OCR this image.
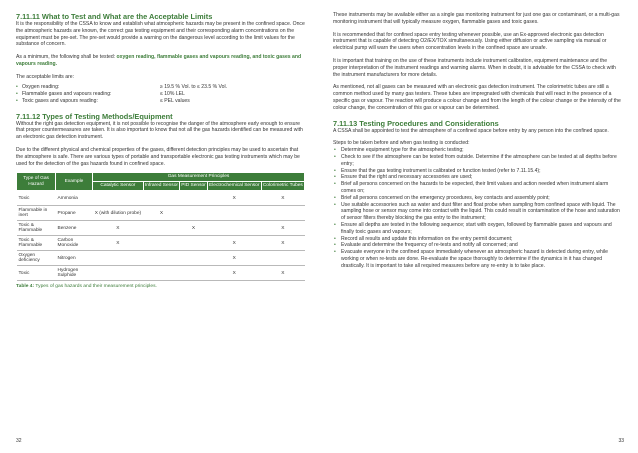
7.11.11 What to Test and What are the Acceptable Limits

It is the responsibility of the CSSA to know and establish what atmospheric hazards may be present in the confined space. Once the atmospheric hazards are known, the correct gas testing equipment and their corresponding alarm concentrations on the equipment must be pre-set. The pre-set would provide a warning on the dangerous level according to the limit values for the substance of concern.

As a minimum, the following shall be tested: oxygen reading, flammable gases and vapours reading, and toxic gases and vapours reading.

The acceptable limits are:

• Oxygen reading:	≥ 19.5 % Vol. to ≤ 23.5 % Vol.
• Flammable gases and vapours reading:	≤ 10% LEL
• Toxic gases and vapours reading:	≤ PEL values
7.11.12 Types of Testing Methods/Equipment

Without the right gas detection equipment, it is not possible to recognise the danger of the atmosphere early enough to ensure that proper countermeasures are taken. It is also important to know that not all the gas hazards identified can be measured with an electronic gas detection instrument.

Due to the different physical and chemical properties of the gases, different detection principles may be used to ascertain that the atmosphere is safe. There are various types of portable and transportable electronic gas testing instruments which may be used for the detection of the gas hazards found in confined space.

Type of Gas Hazard	Example	Gas Measurement Principles				
		Catalytic Sensor	Infrared Sensor	PID Sensor	Electrochemical Sensor	Colorimetric Tubes
Toxic	Ammonia				X	X
Flammable in inert	Propane	X (with dilution probe)	X			
Toxic & Flammable	Benzene	X		X		X
Toxic & Flammable	Carbon Monoxide	X			X	X
Oxygen deficiency	Nitrogen				X	
Toxic	Hydrogen Sulphide				X	X
Table 4: Types of gas hazards and their measurement principles.

These instruments may be available either as a single gas monitoring instrument for just one gas or contaminant, or a multi-gas monitoring instrument that will typically measure oxygen, flammable gases and toxic gases.

It is recommended that for confined space entry testing whenever possible, use an Ex-approved electronic gas detection instrument that is capable of detecting O2/EX/TOX simultaneously. Using either diffusion or active sampling via manual or electrical pump will warn the users when concentration levels in the confined space are unsafe.

It is important that training on the use of these instruments include instrument calibration, equipment maintenance and the proper interpretation of the instrument readings and warning alarms. When in doubt, it is advisable for the CSSA to check with the instrument manufacturers for more details.

As mentioned, not all gases can be measured with an electronic gas detection instrument. The colorimetric tubes are still a common method used by many gas testers. These tubes are impregnated with chemicals that will react in the presence of a specific gas or vapour. The reaction will produce a colour change and from the length of the colour change or the intensity of the colour change, the concentration of this gas or vapour can be determined.

7.11.13 Testing Procedures and Considerations

A CSSA shall be appointed to test the atmosphere of a confined space before entry by any person into the confined space.

Steps to be taken before and when gas testing is conducted:

• Determine equipment type for the atmospheric testing;
• Check to see if the atmosphere can be tested from outside. Determine if the atmosphere can be tested at all depths before entry;
• Ensure that the gas testing instrument is calibrated or function tested (refer to 7.11.15.4);
• Ensure that the right and necessary accessories are used;
• Brief all persons concerned on the hazards to be expected, their limit values and action needed when instrument alarm comes on;
• Brief all persons concerned on the emergency procedures, key contacts and assembly point;
• Use suitable accessories such as water and dust filter and float probe when sampling from confined space with liquid. The sampling hose or sensor may come into contact with the liquid. This could result in contamination of the hose and saturation of sensor filters thereby blocking the gas entry to the instrument;
• Ensure all depths are tested in the following sequence; start with oxygen, followed by flammable gases and vapours and finally toxic gases and vapours;
• Record all results and update this information on the entry permit document;
• Evaluate and determine the frequency of re-tests and notify all concerned; and
• Evacuate everyone in the confined space immediately whenever an atmospheric hazard is detected during entry, while working or when re-tests are done. Re-evaluate the space thoroughly to determine if the dynamics in it has changed drastically. It is important to take all required measures before any re-entry is to take place.
32	33
